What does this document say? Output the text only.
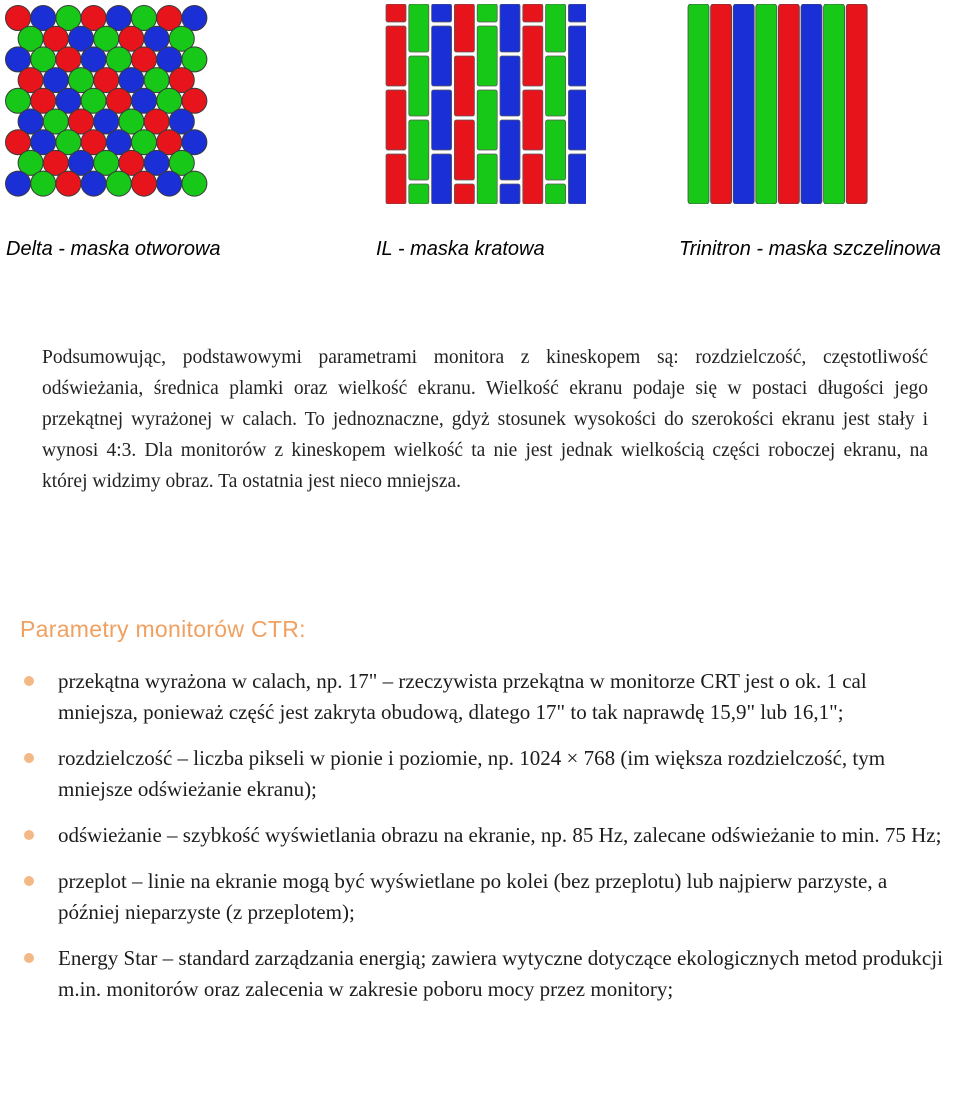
Delta - maska otworowa	IL - maska kratowa	Trinitron - maska szczelinowa

Podsumowując, podstawowymi parametrami monitora z kineskopem są: rozdzielczość, częstotliwość odświeżania, średnica plamki oraz wielkość ekranu. Wielkość ekranu podaje się w postaci długości jego przekątnej wyrażonej w calach. To jednoznaczne, gdyż stosunek wysokości do szerokości ekranu jest stały i wynosi 4:3. Dla monitorów z kineskopem wielkość ta nie jest jednak wielkością części roboczej ekranu, na której widzimy obraz. Ta ostatnia jest nieco mniejsza.

Parametry monitorów CTR:
przekątna wyrażona w calach, np. 17" – rzeczywista przekątna w monitorze CRT jest o ok. 1 cal mniejsza, ponieważ część jest zakryta obudową, dlatego 17" to tak naprawdę 15,9" lub 16,1";
rozdzielczość – liczba pikseli w pionie i poziomie, np. 1024 × 768 (im większa rozdzielczość, tym mniejsze odświeżanie ekranu);
odświeżanie – szybkość wyświetlania obrazu na ekranie, np. 85 Hz, zalecane odświeżanie to min. 75 Hz;
przeplot – linie na ekranie mogą być wyświetlane po kolei (bez przeplotu) lub najpierw parzyste, a później nieparzyste (z przeplotem);
Energy Star – standard zarządzania energią; zawiera wytyczne dotyczące ekologicznych metod produkcji m.in. monitorów oraz zalecenia w zakresie poboru mocy przez monitory;
